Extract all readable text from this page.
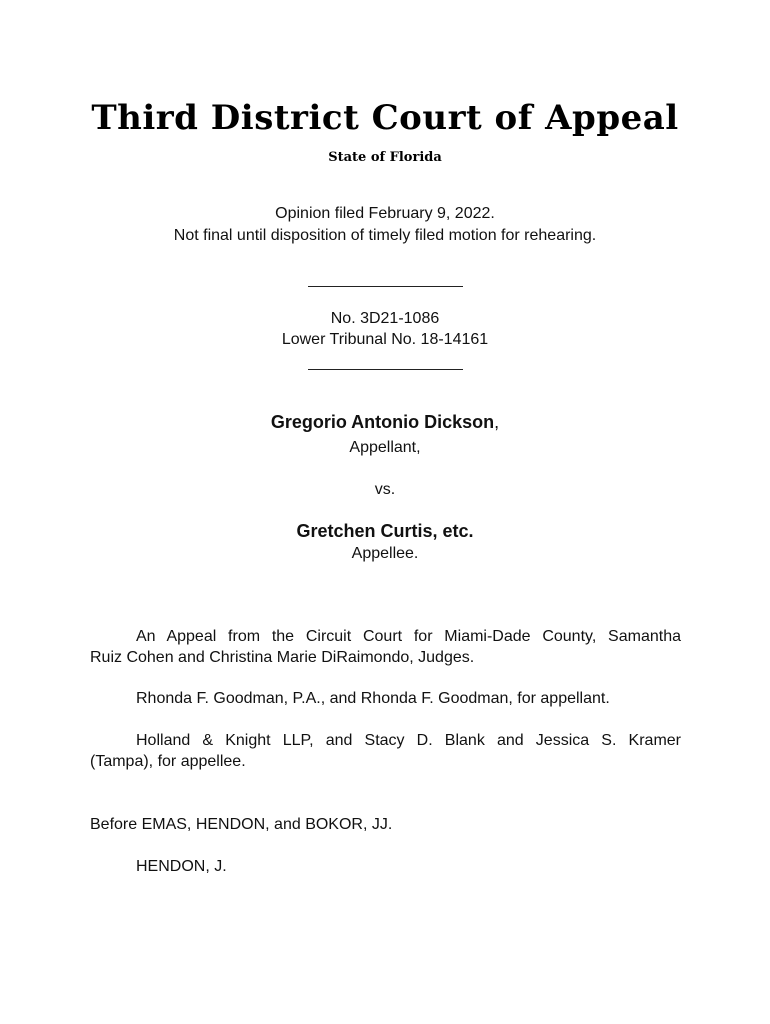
Third District Court of Appeal
State of Florida
Opinion filed February 9, 2022.
Not final until disposition of timely filed motion for rehearing.
No. 3D21-1086
Lower Tribunal No. 18-14161
Gregorio Antonio Dickson,
Appellant,
vs.
Gretchen Curtis, etc.
Appellee.
An Appeal from the Circuit Court for Miami-Dade County, Samantha
Ruiz Cohen and Christina Marie DiRaimondo, Judges.
Rhonda F. Goodman, P.A., and Rhonda F. Goodman, for appellant.
Holland & Knight LLP, and Stacy D. Blank and Jessica S. Kramer
(Tampa), for appellee.
Before EMAS, HENDON, and BOKOR, JJ.
HENDON, J.
